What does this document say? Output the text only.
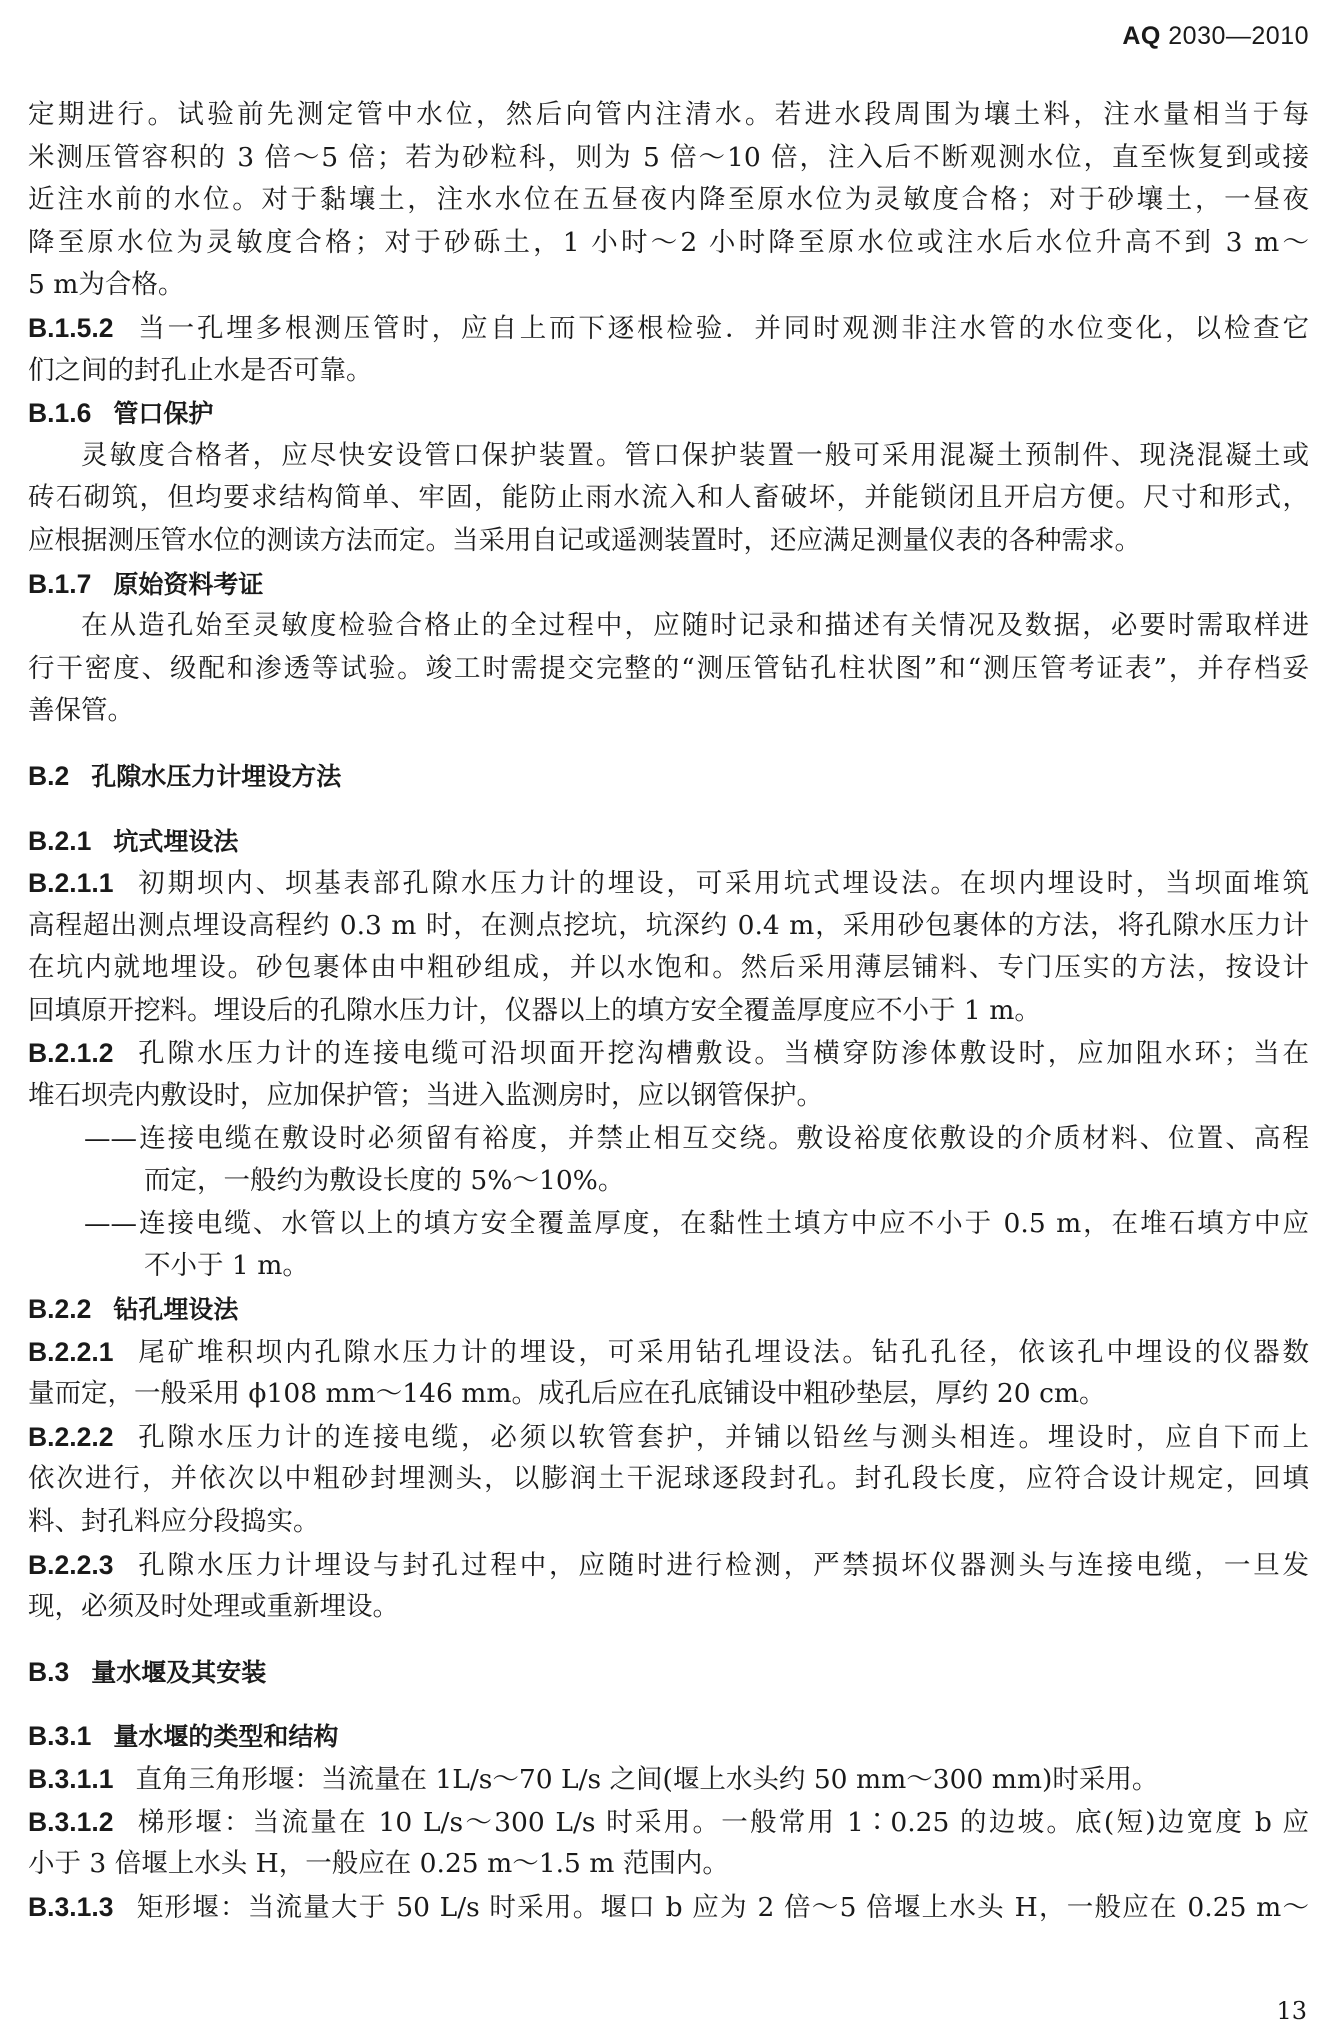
AQ 2030—2010
定期进行。试验前先测定管中水位，然后向管内注清水。若进水段周围为壤土料，注水量相当于每
米测压管容积的 3 倍～5 倍；若为砂粒科，则为 5 倍～10 倍，注入后不断观测水位，直至恢复到或接
近注水前的水位。对于黏壤土，注水水位在五昼夜内降至原水位为灵敏度合格；对于砂壤土，一昼夜
降至原水位为灵敏度合格；对于砂砾土，1 小时～2 小时降至原水位或注水后水位升高不到 3 m～
5 m为合格。
B.1.5.2 当一孔埋多根测压管时，应自上而下逐根检验．并同时观测非注水管的水位变化，以检查它
们之间的封孔止水是否可靠。
B.1.6 管口保护
灵敏度合格者，应尽快安设管口保护装置。管口保护装置一般可采用混凝土预制件、现浇混凝土或
砖石砌筑，但均要求结构简单、牢固，能防止雨水流入和人畜破坏，并能锁闭且开启方便。尺寸和形式，
应根据测压管水位的测读方法而定。当采用自记或遥测装置时，还应满足测量仪表的各种需求。
B.1.7 原始资料考证
在从造孔始至灵敏度检验合格止的全过程中，应随时记录和描述有关情况及数据，必要时需取样进
行干密度、级配和渗透等试验。竣工时需提交完整的“测压管钻孔柱状图”和“测压管考证表”，并存档妥
善保管。
B.2 孔隙水压力计埋设方法
B.2.1 坑式埋设法
B.2.1.1 初期坝内、坝基表部孔隙水压力计的埋设，可采用坑式埋设法。在坝内埋设时，当坝面堆筑
高程超出测点埋设高程约 0.3 m 时，在测点挖坑，坑深约 0.4 m，采用砂包裹体的方法，将孔隙水压力计
在坑内就地埋设。砂包裹体由中粗砂组成，并以水饱和。然后采用薄层铺料、专门压实的方法，按设计
回填原开挖料。埋设后的孔隙水压力计，仪器以上的填方安全覆盖厚度应不小于 1 m。
B.2.1.2 孔隙水压力计的连接电缆可沿坝面开挖沟槽敷设。当横穿防渗体敷设时，应加阻水环；当在
堆石坝壳内敷设时，应加保护管；当进入监测房时，应以钢管保护。
——连接电缆在敷设时必须留有裕度，并禁止相互交绕。敷设裕度依敷设的介质材料、位置、高程
而定，一般约为敷设长度的 5%～10%。
——连接电缆、水管以上的填方安全覆盖厚度，在黏性土填方中应不小于 0.5 m，在堆石填方中应
不小于 1 m。
B.2.2 钻孔埋设法
B.2.2.1 尾矿堆积坝内孔隙水压力计的埋设，可采用钻孔埋设法。钻孔孔径，依该孔中埋设的仪器数
量而定，一般采用 ϕ108 mm～146 mm。成孔后应在孔底铺设中粗砂垫层，厚约 20 cm。
B.2.2.2 孔隙水压力计的连接电缆，必须以软管套护，并铺以铅丝与测头相连。埋设时，应自下而上
依次进行，并依次以中粗砂封埋测头，以膨润土干泥球逐段封孔。封孔段长度，应符合设计规定，回填
料、封孔料应分段捣实。
B.2.2.3 孔隙水压力计埋设与封孔过程中，应随时进行检测，严禁损坏仪器测头与连接电缆，一旦发
现，必须及时处理或重新埋设。
B.3 量水堰及其安装
B.3.1 量水堰的类型和结构
B.3.1.1 直角三角形堰：当流量在 1L/s～70 L/s 之间(堰上水头约 50 mm～300 mm)时采用。
B.3.1.2 梯形堰：当流量在 10 L/s～300 L/s 时采用。一般常用 1∶0.25 的边坡。底(短)边宽度 b 应
小于 3 倍堰上水头 H，一般应在 0.25 m～1.5 m 范围内。
B.3.1.3 矩形堰：当流量大于 50 L/s 时采用。堰口 b 应为 2 倍～5 倍堰上水头 H，一般应在 0.25 m～
13
